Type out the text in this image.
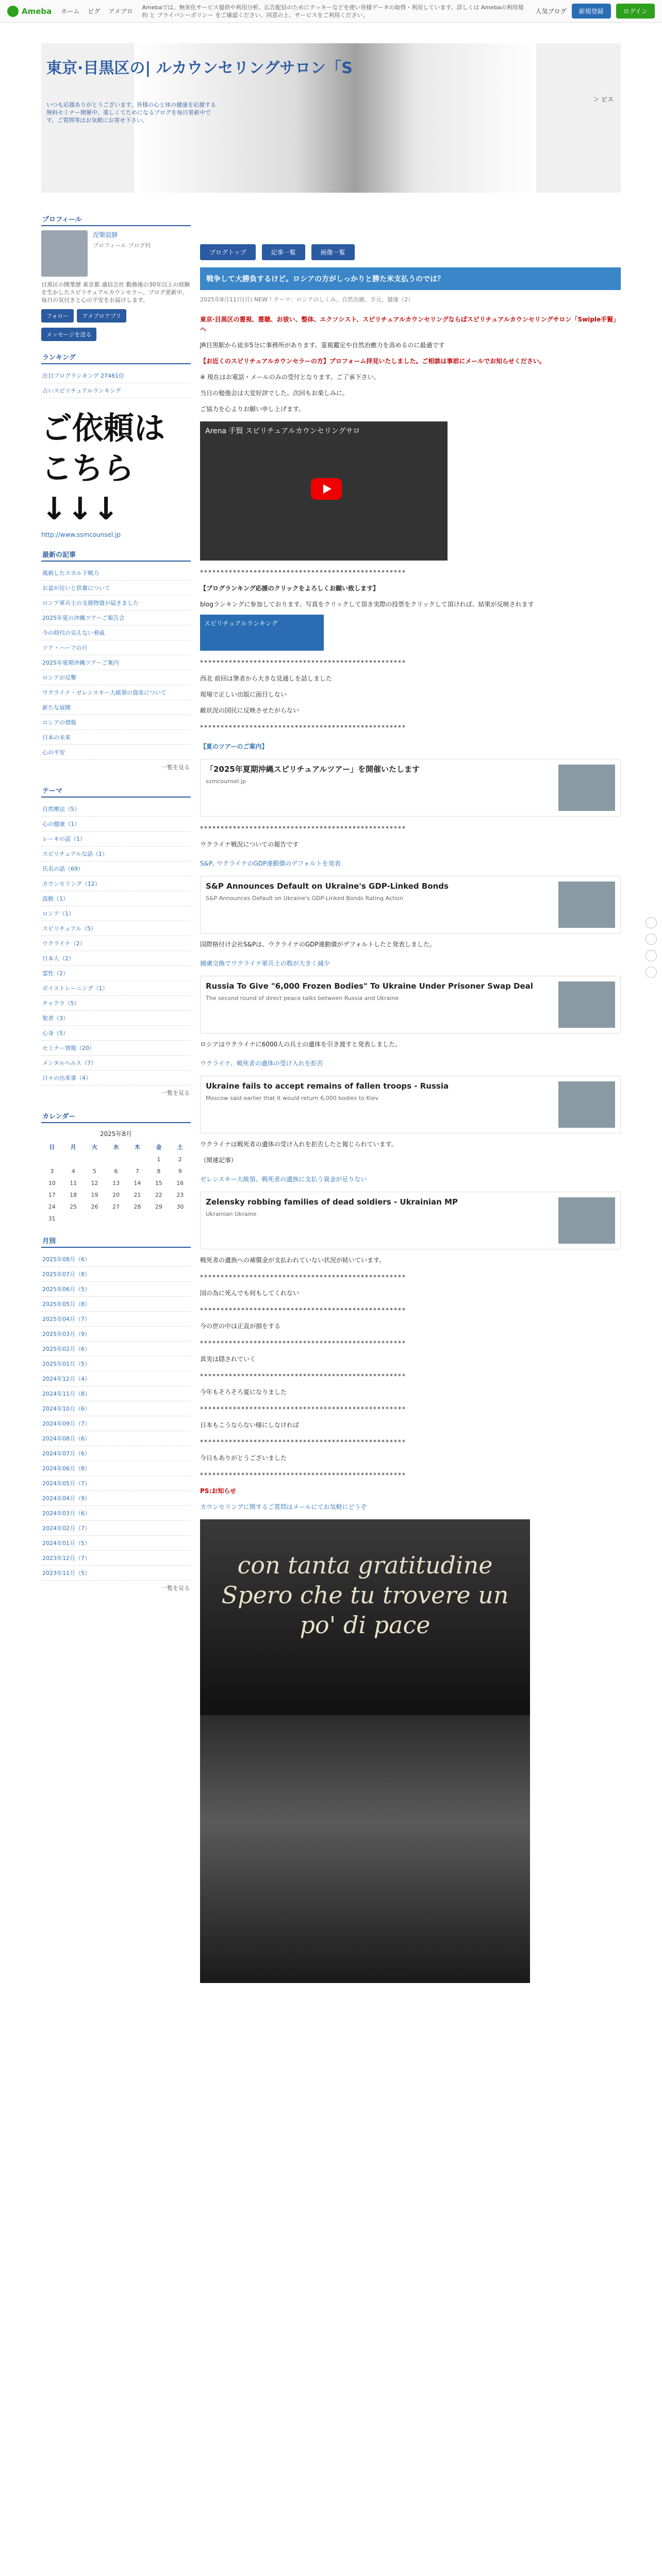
Ameba ホーム ピグ アメブロ
Amebaでは、無害化サービス提供や利用分析、広告配信のためにクッキーなどを使い皆様データの取得・利用しています。詳しくは Amebaの利用規約 と プライバシーポリシー をご確認ください。同意の上、サービスをご利用ください。	人気ブログ	新規登録	ログイン
東京·目黒区の| ルカウンセリングサロン「S
いつも応援ありがとうございます。皆様の心と体の健康を応援する無料セミナー開催中。楽しくてためになるブログを毎日更新中です。ご質問等はお気軽にお寄せ下さい。
＞ ビス
プロフィール
涅槃寂靜
プロフィール ブログ村
目黒区の開業歴 東京都 通信会社 勤務後の30年以上の経験を生かしたスピリチュアルカウンセラー。ブログ更新中。毎日の気付きと心の平安をお届けします。
フォロー	アメブロアプリ
メッセージを送る
ランキング
注目ブログランキング 27461位
占いスピリチュアルランキング
ご依頼はこちら↓↓↓
http://www.ssmcounsel.jp
最新の記事
風刺したスカル下戦力
お盆が近いと供養について
ロシア軍兵士の支援物資が届きました
2025年夏の沖縄ツアーご報告会
今の時代の見えない脅威
ソア・ハーフの日
2025年夏期沖縄ツアーご案内
ロシアが反撃
ウクライナ・ゼレンスキー大統領の資産について
新たな展開
ロシアの情報
日本の未来
心の平安
一覧を見る
テーマ
自然療法（5）
心の健康（1）
レーキの話（1）
スピリチュアルな話（1）
氏名の話（69）
カウンセリング（12）
波動（1）
ロシア（1）
スピリチュアル（5）
ウクライナ（2）
日本人（2）
霊性（2）
ボイストレーニング（1）
チャクラ（5）
聖者（3）
心身（5）
セミナー情報（20）
メンタルヘルス（7）
日々の出来事（4）
一覧を見る
カレンダー
2025年8月
日	月	火	水	木	金	土
					1	2
3	4	5	6	7	8	9
10	11	12	13	14	15	16
17	18	19	20	21	22	23
24	25	26	27	28	29	30
31						
月別
2025年08月（6）
2025年07月（8）
2025年06月（5）
2025年05月（8）
2025年04月（7）
2025年03月（9）
2025年02月（6）
2025年01月（5）
2024年12月（4）
2024年11月（8）
2024年10月（6）
2024年09月（7）
2024年08月（6）
2024年07月（6）
2024年06月（8）
2024年05月（7）
2024年04月（9）
2024年03月（6）
2024年02月（7）
2024年01月（5）
2023年12月（7）
2023年11月（5）
一覧を見る
ブログトップ	記事一覧	画像一覧
戦争して大勝負するけど。ロシアの方がしっかりと勝た米支払うのでは？
2025年8月11日(月) NEW ! テーマ：ロシアのしくみ、自然治癒、手元、健康（2）
東京·目黒区の霊視、霊聴、お祓い、整体、エクソシスト、スピリチュアルカウンセリングならばスピリチュアルカウンセリングサロン「Swiple手賢」へ
JR目黒駅から徒歩5分に事務所があります。霊視鑑定や自然治癒力を高めるのに最適です
【お近くのスピリチュアルカウンセラーの方】プロフォーム拝見いたしました。ご相談は事前にメールでお知らせください。
※ 現在はお電話・メールのみの受付となります。ご了承下さい。
当日の勉強会は大変好評でした。次回もお楽しみに。
ご協力を心よりお願い申し上げます。
Arena 手賢 スピリチュアルカウンセリングサロ
**************************************************
【ブログランキング応援のクリックをよろしくお願い致します】
blogランキングに参加しております。写真をクリックして頂き実際の投票をクリックして頂ければ、結果が反映されます
スピリチュアルランキング
**************************************************
西北 前回は筆者から大きな見通しを話しました
現場で正しい出版に面目しない
敵状況の国民に反映させたがらない
**************************************************
【夏のツアーのご案内】
「2025年夏期沖縄スピリチュアルツアー」を開催いたします
ssmcounsel.jp
**************************************************
ウクライナ戦況についての報告です
S&P, ウクライナのGDP連動債のデフォルトを発表
S&P Announces Default on Ukraine's GDP-Linked Bonds
S&P Announces Default on Ukraine's GDP-Linked Bonds Rating Action
国際格付け会社S&Pは、ウクライナのGDP連動債がデフォルトしたと発表しました。
捕虜交換でウクライナ軍兵士の数が大きく減少
Russia To Give "6,000 Frozen Bodies" To Ukraine Under Prisoner Swap Deal
The second round of direct peace talks between Russia and Ukraine
ロシアはウクライナに6000人の兵士の遺体を引き渡すと発表しました。
ウクライナ、戦死者の遺体の受け入れを拒否
Ukraine fails to accept remains of fallen troops - Russia
Moscow said earlier that it would return 6,000 bodies to Kiev
ウクライナは戦死者の遺体の受け入れを拒否したと報じられています。
（関連記事）
ゼレンスキー大統領、戦死者の遺族に支払う資金が足りない
Zelensky robbing families of dead soldiers - Ukrainian MP
Ukrainian Ukraine
戦死者の遺族への補償金が支払われていない状況が続いています。
**************************************************
国の為に死んでも何もしてくれない
**************************************************
今の世の中は正直が損をする
**************************************************
真実は隠されていく
**************************************************
今年もそろそろ夏になりました
**************************************************
日本もこうならない様にしなければ
**************************************************
今日もありがとうございました
**************************************************
PS:お知らせ
カウンセリングに関するご質問はメールにてお気軽にどうぞ
con tanta gratitudine Spero che tu trovere un po' di pace
